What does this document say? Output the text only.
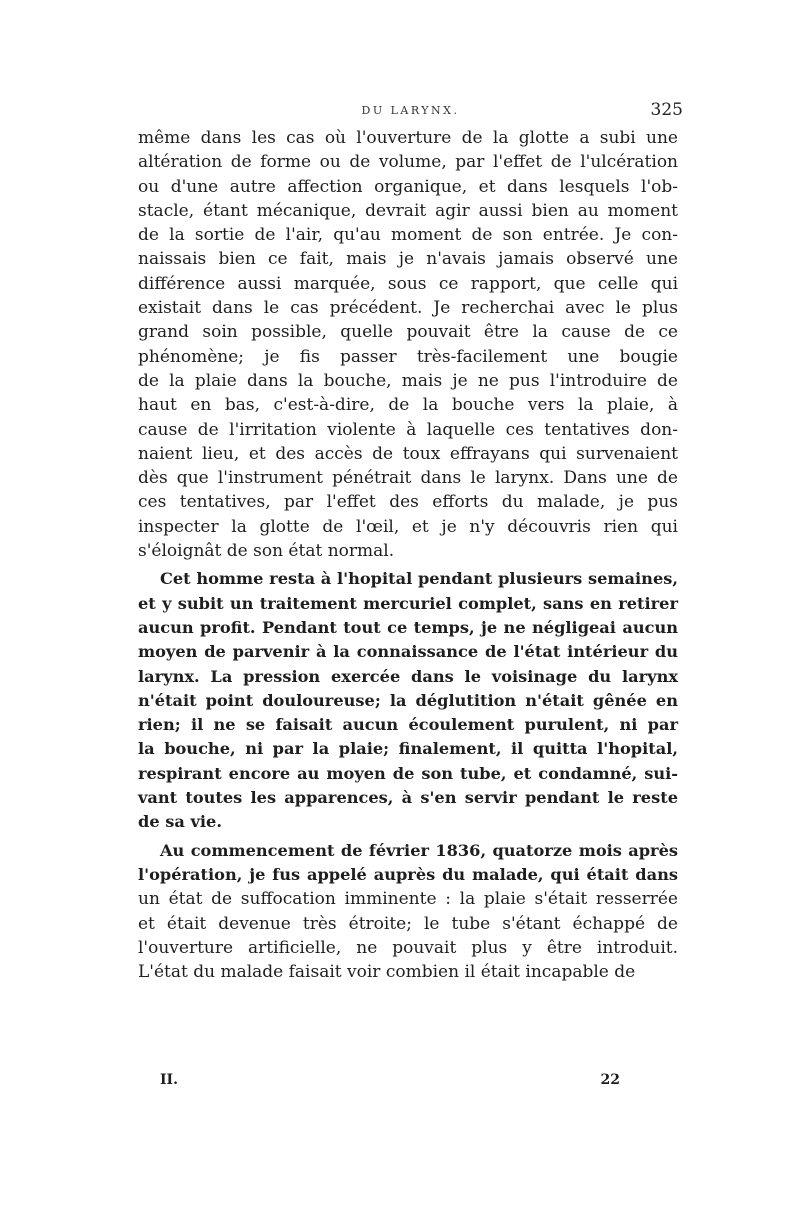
DU LARYNX.	325
même dans les cas où l'ouverture de la glotte a subi une
altération de forme ou de volume, par l'effet de l'ulcération
ou d'une autre affection organique, et dans lesquels l'ob-
stacle, étant mécanique, devrait agir aussi bien au moment
de la sortie de l'air, qu'au moment de son entrée. Je con-
naissais bien ce fait, mais je n'avais jamais observé une
différence aussi marquée, sous ce rapport, que celle qui
existait dans le cas précédent. Je recherchai avec le plus
grand soin possible, quelle pouvait être la cause de ce
phénomène; je fis passer très-facilement une bougie
de la plaie dans la bouche, mais je ne pus l'introduire de
haut en bas, c'est-à-dire, de la bouche vers la plaie, à
cause de l'irritation violente à laquelle ces tentatives don-
naient lieu, et des accès de toux effrayans qui survenaient
dès que l'instrument pénétrait dans le larynx. Dans une de
ces tentatives, par l'effet des efforts du malade, je pus
inspecter la glotte de l'œil, et je n'y découvris rien qui
s'éloignât de son état normal.
Cet homme resta à l'hopital pendant plusieurs semaines,
et y subit un traitement mercuriel complet, sans en retirer
aucun profit. Pendant tout ce temps, je ne négligeai aucun
moyen de parvenir à la connaissance de l'état intérieur du
larynx. La pression exercée dans le voisinage du larynx
n'était point douloureuse; la déglutition n'était gênée en
rien; il ne se faisait aucun écoulement purulent, ni par
la bouche, ni par la plaie; finalement, il quitta l'hopital,
respirant encore au moyen de son tube, et condamné, sui-
vant toutes les apparences, à s'en servir pendant le reste
de sa vie.
Au commencement de février 1836, quatorze mois après
l'opération, je fus appelé auprès du malade, qui était dans
un état de suffocation imminente : la plaie s'était resserrée
et était devenue très étroite; le tube s'étant échappé de
l'ouverture artificielle, ne pouvait plus y être introduit.
L'état du malade faisait voir combien il était incapable de
II.	22
